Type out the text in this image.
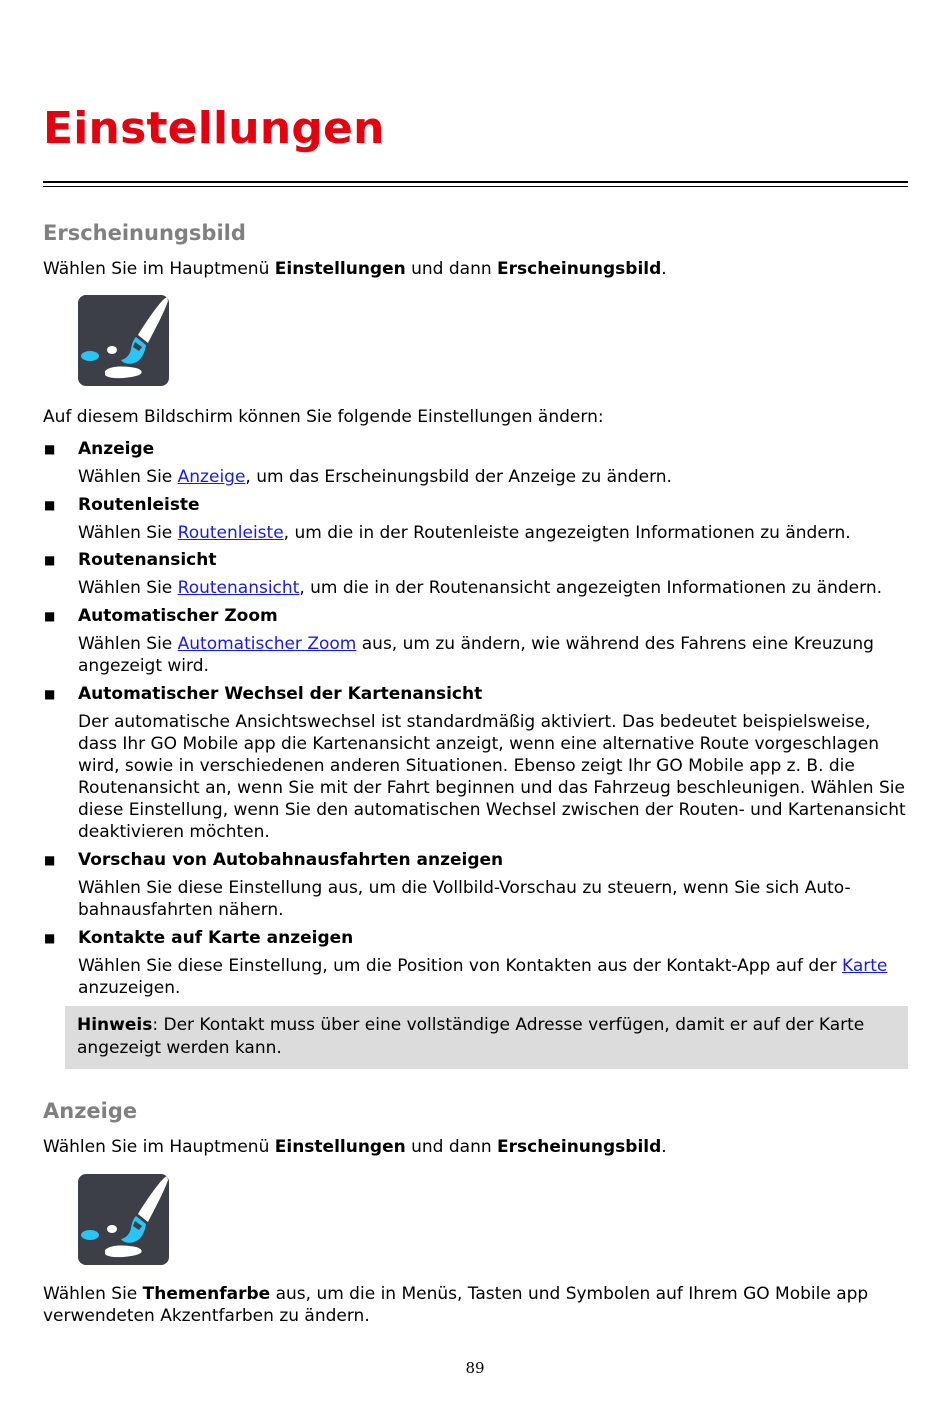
Einstellungen
Erscheinungsbild
Wählen Sie im Hauptmenü Einstellungen und dann Erscheinungsbild.
Auf diesem Bildschirm können Sie folgende Einstellungen ändern:
■ Anzeige

Wählen Sie Anzeige, um das Erscheinungsbild der Anzeige zu ändern.

■ Routenleiste

Wählen Sie Routenleiste, um die in der Routenleiste angezeigten Informationen zu ändern.

■ Routenansicht

Wählen Sie Routenansicht, um die in der Routenansicht angezeigten Informationen zu ändern.

■ Automatischer Zoom

Wählen Sie Automatischer Zoom aus, um zu ändern, wie während des Fahrens eine Kreuzung angezeigt wird.

■ Automatischer Wechsel der Kartenansicht

Der automatische Ansichtswechsel ist standardmäßig aktiviert. Das bedeutet beispielsweise, dass Ihr GO Mobile app die Kartenansicht anzeigt, wenn eine alternative Route vorgeschlagen wird, sowie in verschiedenen anderen Situationen. Ebenso zeigt Ihr GO Mobile app z. B. die Routenansicht an, wenn Sie mit der Fahrt beginnen und das Fahrzeug beschleunigen. Wählen Sie diese Einstellung, wenn Sie den automatischen Wechsel zwischen der Routen- und Kartenansicht deaktivieren möchten.

■ Vorschau von Autobahnausfahrten anzeigen

Wählen Sie diese Einstellung aus, um die Vollbild-Vorschau zu steuern, wenn Sie sich Auto-bahnausfahrten nähern.

■ Kontakte auf Karte anzeigen

Wählen Sie diese Einstellung, um die Position von Kontakten aus der Kontakt-App auf der Karte anzuzeigen.

Hinweis: Der Kontakt muss über eine vollständige Adresse verfügen, damit er auf der Karte angezeigt werden kann.
Anzeige
Wählen Sie im Hauptmenü Einstellungen und dann Erscheinungsbild.
Wählen Sie Themenfarbe aus, um die in Menüs, Tasten und Symbolen auf Ihrem GO Mobile app verwendeten Akzentfarben zu ändern.
89
